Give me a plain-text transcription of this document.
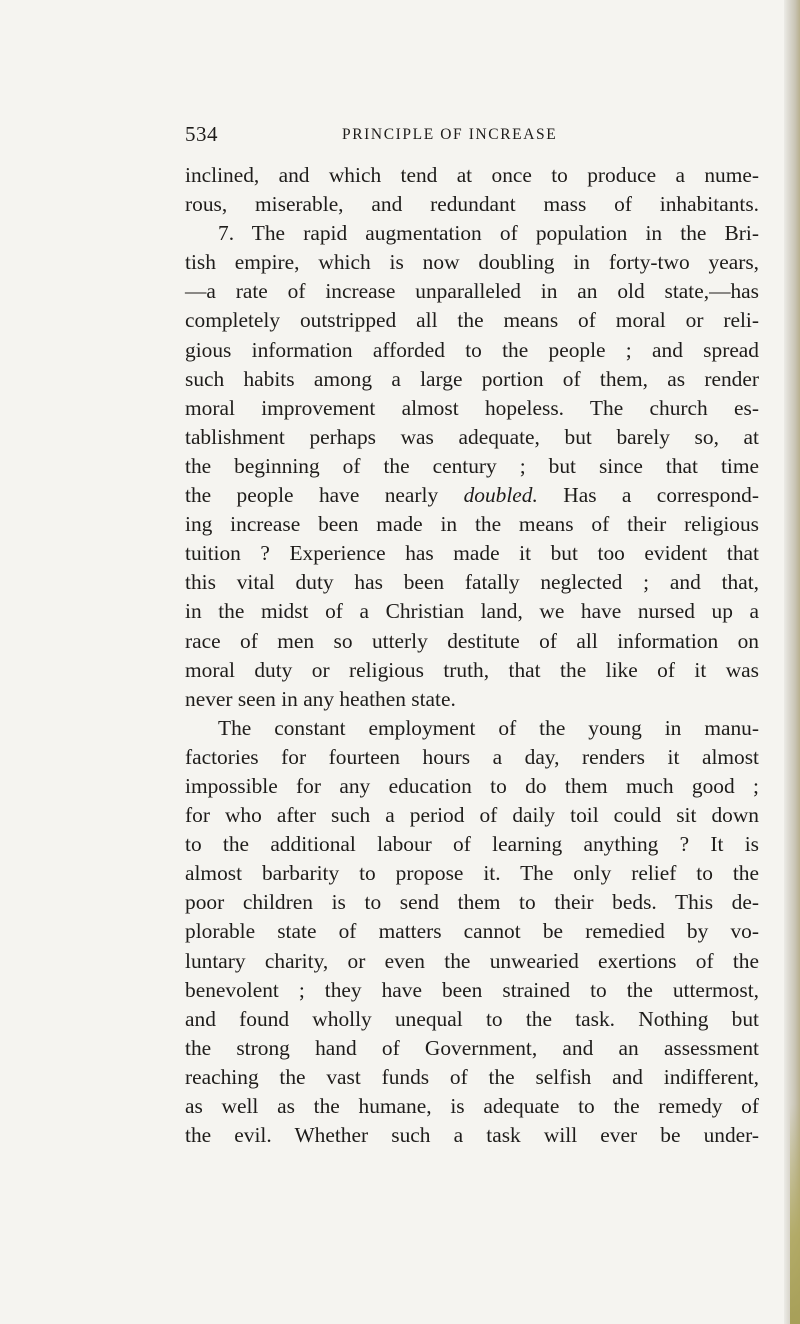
534	PRINCIPLE OF INCREASE
inclined, and which tend at once to produce a nume-
rous, miserable, and redundant mass of inhabitants.
7. The rapid augmentation of population in the Bri-
tish empire, which is now doubling in forty-two years,
—a rate of increase unparalleled in an old state,—has
completely outstripped all the means of moral or reli-
gious information afforded to the people ; and spread
such habits among a large portion of them, as render
moral improvement almost hopeless. The church es-
tablishment perhaps was adequate, but barely so, at
the beginning of the century ; but since that time
the people have nearly doubled. Has a correspond-
ing increase been made in the means of their religious
tuition ? Experience has made it but too evident that
this vital duty has been fatally neglected ; and that,
in the midst of a Christian land, we have nursed up a
race of men so utterly destitute of all information on
moral duty or religious truth, that the like of it was
never seen in any heathen state.
The constant employment of the young in manu-
factories for fourteen hours a day, renders it almost
impossible for any education to do them much good ;
for who after such a period of daily toil could sit down
to the additional labour of learning anything ? It is
almost barbarity to propose it. The only relief to the
poor children is to send them to their beds. This de-
plorable state of matters cannot be remedied by vo-
luntary charity, or even the unwearied exertions of the
benevolent ; they have been strained to the uttermost,
and found wholly unequal to the task. Nothing but
the strong hand of Government, and an assessment
reaching the vast funds of the selfish and indifferent,
as well as the humane, is adequate to the remedy of
the evil. Whether such a task will ever be under-
